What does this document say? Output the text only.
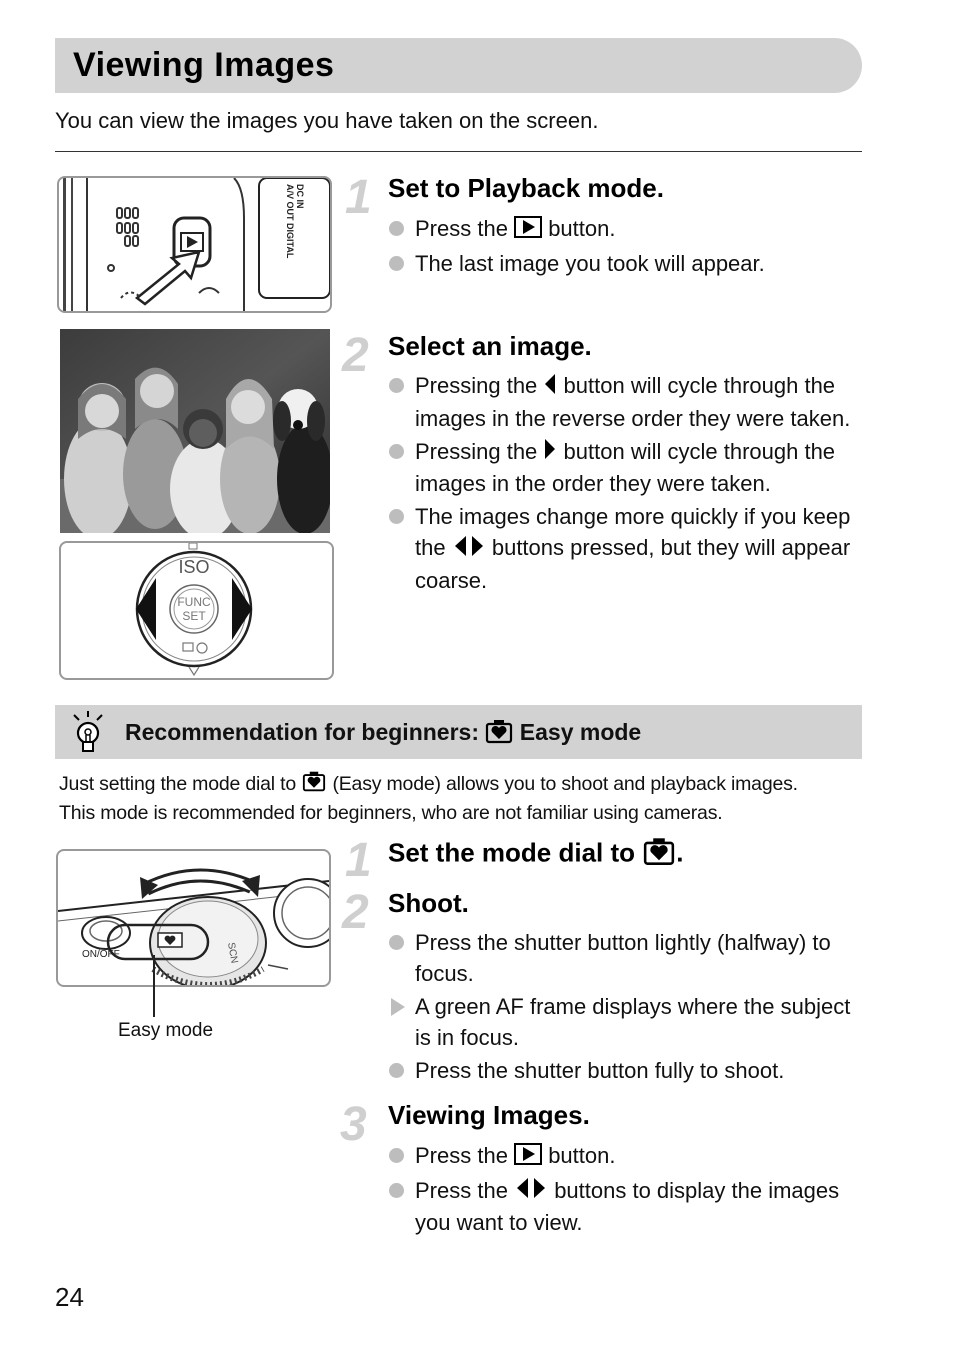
Viewing Images
You can view the images you have taken on the screen.
DC IN
A/V OUT DIGITAL
ISO
FUNC
SET
1 Set to Playback mode.
Press the button.
The last image you took will appear.
2 Select an image.
Pressing the button will cycle through the images in the reverse order they were taken.
Pressing the button will cycle through the images in the order they were taken.
The images change more quickly if you keep the buttons pressed, but they will appear coarse.
Recommendation for beginners: Easy mode
Just setting the mode dial to (Easy mode) allows you to shoot and playback images.
This mode is recommended for beginners, who are not familiar using cameras.
ON/OFF	SCN
Easy mode
1 Set the mode dial to .
2 Shoot.
Press the shutter button lightly (halfway) to focus.
A green AF frame displays where the subject is in focus.
Press the shutter button fully to shoot.
3 Viewing Images.
Press the button.
Press the buttons to display the images you want to view.
24
